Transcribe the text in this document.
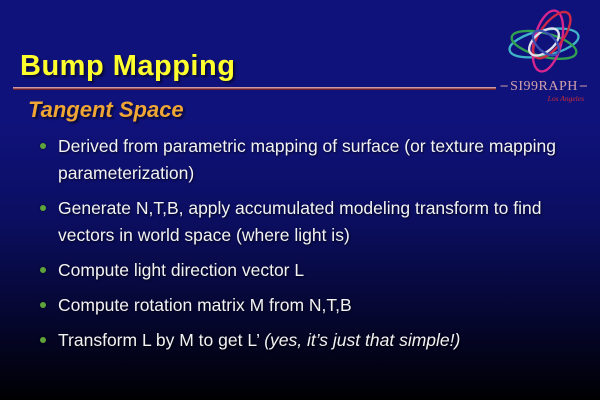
Bump Mapping
– SI99RAPH –
Los Angeles
Tangent Space
Derived from parametric mapping of surface (or texture mapping parameterization)
Generate N,T,B, apply accumulated modeling transform to find vectors in world space (where light is)
Compute light direction vector L
Compute rotation matrix M from N,T,B
Transform L by M to get L’ (yes, it’s just that simple!)
